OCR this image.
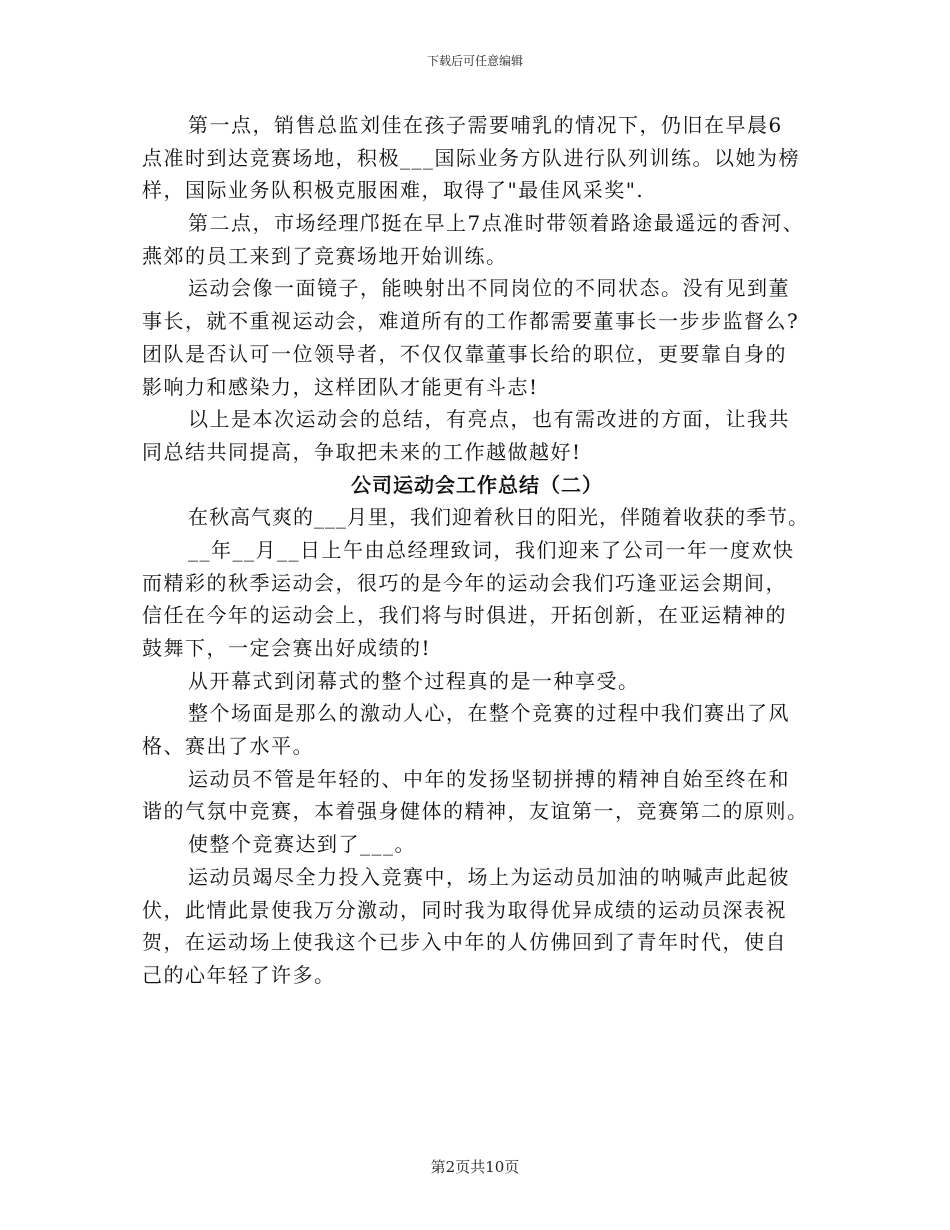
下载后可任意编辑
第一点，销售总监刘佳在孩子需要哺乳的情况下，仍旧在早晨6
点准时到达竞赛场地，积极___国际业务方队进行队列训练。以她为榜
样，国际业务队积极克服困难，取得了"最佳风采奖".
第二点，市场经理邝挺在早上7点准时带领着路途最遥远的香河、
燕郊的员工来到了竞赛场地开始训练。
运动会像一面镜子，能映射出不同岗位的不同状态。没有见到董
事长，就不重视运动会，难道所有的工作都需要董事长一步步监督么?
团队是否认可一位领导者，不仅仅靠董事长给的职位，更要靠自身的
影响力和感染力，这样团队才能更有斗志!
以上是本次运动会的总结，有亮点，也有需改进的方面，让我共
同总结共同提高，争取把未来的工作越做越好!
公司运动会工作总结（二）
在秋高气爽的___月里，我们迎着秋日的阳光，伴随着收获的季节。
__年__月__日上午由总经理致词，我们迎来了公司一年一度欢快
而精彩的秋季运动会，很巧的是今年的运动会我们巧逢亚运会期间，
信任在今年的运动会上，我们将与时俱进，开拓创新，在亚运精神的
鼓舞下，一定会赛出好成绩的!
从开幕式到闭幕式的整个过程真的是一种享受。
整个场面是那么的激动人心，在整个竞赛的过程中我们赛出了风
格、赛出了水平。
运动员不管是年轻的、中年的发扬坚韧拼搏的精神自始至终在和
谐的气氛中竞赛，本着强身健体的精神，友谊第一，竞赛第二的原则。
使整个竞赛达到了___。
运动员竭尽全力投入竞赛中，场上为运动员加油的呐喊声此起彼
伏，此情此景使我万分激动，同时我为取得优异成绩的运动员深表祝
贺，在运动场上使我这个已步入中年的人仿佛回到了青年时代，使自
己的心年轻了许多。
第2页共10页
